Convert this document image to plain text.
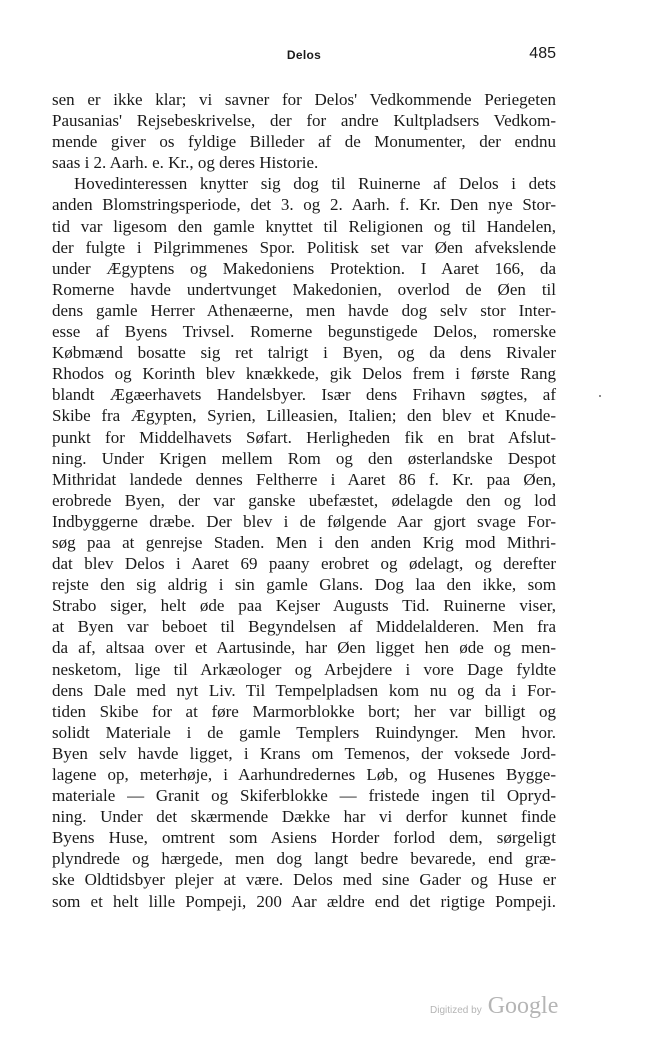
Delos	485
sen er ikke klar; vi savner for Delos' Vedkommende Periegeten
Pausanias' Rejsebeskrivelse, der for andre Kultpladsers Vedkom-
mende giver os fyldige Billeder af de Monumenter, der endnu
saas i 2. Aarh. e. Kr., og deres Historie.
Hovedinteressen knytter sig dog til Ruinerne af Delos i dets
anden Blomstringsperiode, det 3. og 2. Aarh. f. Kr. Den nye Stor-
tid var ligesom den gamle knyttet til Religionen og til Handelen,
der fulgte i Pilgrimmenes Spor. Politisk set var Øen afvekslende
under Ægyptens og Makedoniens Protektion. I Aaret 166, da
Romerne havde undertvunget Makedonien, overlod de Øen til
dens gamle Herrer Athenæerne, men havde dog selv stor Inter-
esse af Byens Trivsel. Romerne begunstigede Delos, romerske
Købmænd bosatte sig ret talrigt i Byen, og da dens Rivaler
Rhodos og Korinth blev knækkede, gik Delos frem i første Rang
blandt Ægæerhavets Handelsbyer. Især dens Frihavn søgtes, af
Skibe fra Ægypten, Syrien, Lilleasien, Italien; den blev et Knude-
punkt for Middelhavets Søfart. Herligheden fik en brat Afslut-
ning. Under Krigen mellem Rom og den østerlandske Despot
Mithridat landede dennes Feltherre i Aaret 86 f. Kr. paa Øen,
erobrede Byen, der var ganske ubefæstet, ødelagde den og lod
Indbyggerne dræbe. Der blev i de følgende Aar gjort svage For-
søg paa at genrejse Staden. Men i den anden Krig mod Mithri-
dat blev Delos i Aaret 69 paany erobret og ødelagt, og derefter
rejste den sig aldrig i sin gamle Glans. Dog laa den ikke, som
Strabo siger, helt øde paa Kejser Augusts Tid. Ruinerne viser,
at Byen var beboet til Begyndelsen af Middelalderen. Men fra
da af, altsaa over et Aartusinde, har Øen ligget hen øde og men-
nesketom, lige til Arkæologer og Arbejdere i vore Dage fyldte
dens Dale med nyt Liv. Til Tempelpladsen kom nu og da i For-
tiden Skibe for at føre Marmorblokke bort; her var billigt og
solidt Materiale i de gamle Templers Ruindynger. Men hvor.
Byen selv havde ligget, i Krans om Temenos, der voksede Jord-
lagene op, meterhøje, i Aarhundredernes Løb, og Husenes Bygge-
materiale — Granit og Skiferblokke — fristede ingen til Opryd-
ning. Under det skærmende Dække har vi derfor kunnet finde
Byens Huse, omtrent som Asiens Horder forlod dem, sørgeligt
plyndrede og hærgede, men dog langt bedre bevarede, end græ-
ske Oldtidsbyer plejer at være. Delos med sine Gader og Huse er
som et helt lille Pompeji, 200 Aar ældre end det rigtige Pompeji.
Digitized by Google
